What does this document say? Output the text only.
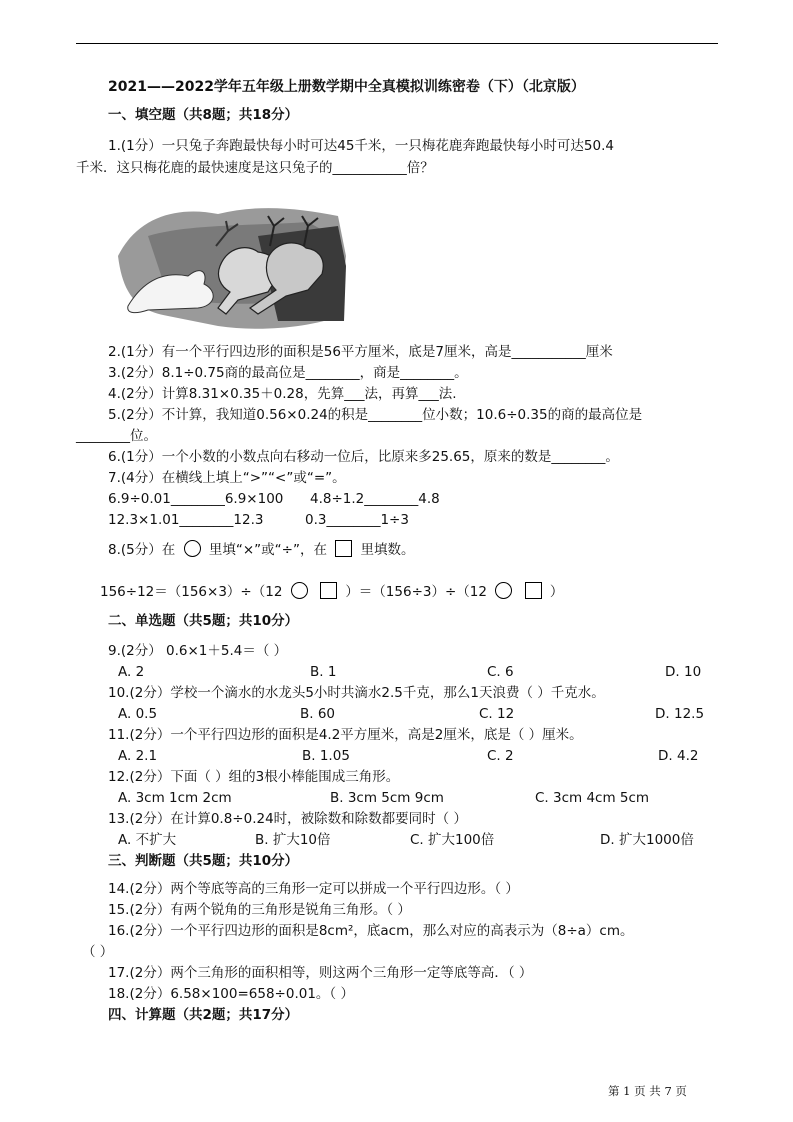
2021——2022学年五年级上册数学期中全真模拟训练密卷（下）（北京版）
一、填空题（共8题；共18分）
1.(1分）一只兔子奔跑最快每小时可达45千米，一只梅花鹿奔跑最快每小时可达50.4
千米．这只梅花鹿的最快速度是这只兔子的___________倍？
2.(1分）有一个平行四边形的面积是56平方厘米，底是7厘米，高是___________厘米
3.(2分）8.1÷0.75商的最高位是________，商是________。
4.(2分）计算8.31×0.35＋0.28，先算___法，再算___法.
5.(2分）不计算，我知道0.56×0.24的积是________位小数；10.6÷0.35的商的最高位是
________位。
6.(1分）一个小数的小数点向右移动一位后，比原来多25.65，原来的数是________。
7.(4分）在横线上填上“>”“<”或“=”。
6.9÷0.01________6.9×100 4.8÷1.2________4.8
12.3×1.01________12.3	0.3________1÷3
8.(5分）在 里填“×”或“÷”，在 里填数。
156÷12＝（156×3）÷（12	）＝（156÷3）÷（12	）
二、单选题（共5题；共10分）
9.(2分） 0.6×1＋5.4＝（ ）
A. 2	B. 1	C. 6	D. 10
10.(2分）学校一个滴水的水龙头5小时共滴水2.5千克，那么1天浪费（ ）千克水。
A. 0.5	B. 60	C. 12	D. 12.5
11.(2分）一个平行四边形的面积是4.2平方厘米，高是2厘米，底是（ ）厘米。
A. 2.1	B. 1.05	C. 2	D. 4.2
12.(2分）下面（ ）组的3根小棒能围成三角形。
A. 3cm 1cm 2cm	B. 3cm 5cm 9cm	C. 3cm 4cm 5cm
13.(2分）在计算0.8÷0.24时，被除数和除数都要同时（ ）
A. 不扩大	B. 扩大10倍	C. 扩大100倍	D. 扩大1000倍
三、判断题（共5题；共10分）
14.(2分）两个等底等高的三角形一定可以拼成一个平行四边形。（ ）
15.(2分）有两个锐角的三角形是锐角三角形。（ ）
16.(2分）一个平行四边形的面积是8cm²，底acm，那么对应的高表示为（8÷a）cm。
（ ）
17.(2分）两个三角形的面积相等，则这两个三角形一定等底等高．（ ）
18.(2分）6.58×100=658÷0.01。（ ）
四、计算题（共2题；共17分）
第 1 页 共 7 页
